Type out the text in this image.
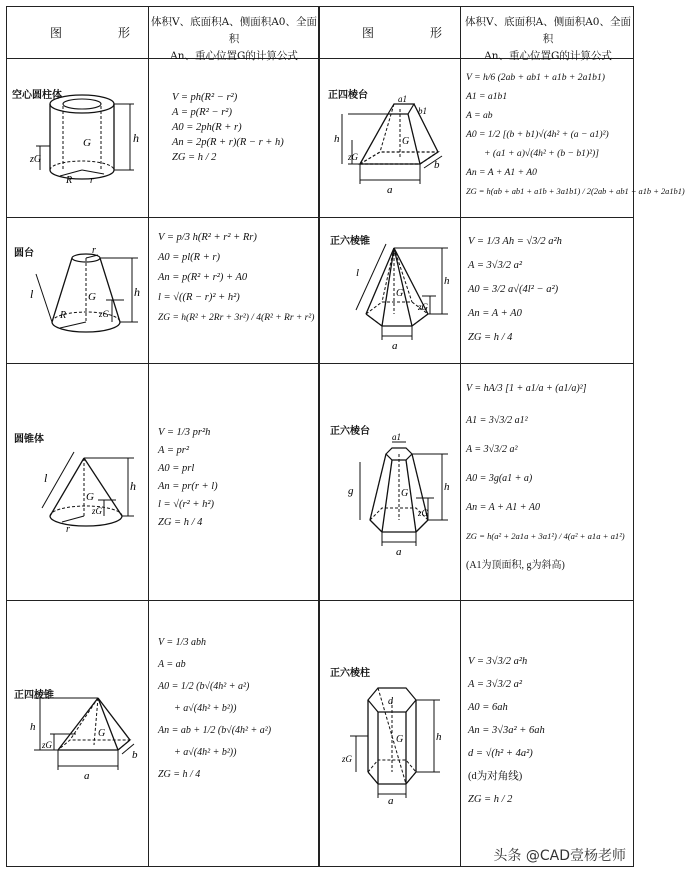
图　形
体积V、底面积A、侧面积A0、全面积
An、重心位置G的计算公式
图　形
体积V、底面积A、侧面积A0、全面积
An、重心位置G的计算公式
空心圆柱体
h
G
zG
R r
V = ph(R² − r²)
A = p(R² − r²)
A0 = 2ph(R + r)
An = 2p(R + r)(R − r + h)
ZG = h / 2
正四棱台
h
zG
G
a
b
a1
b1
V = h/6 (2ab + ab1 + a1b + 2a1b1)
A1 = a1b1
A = ab
A0 = 1/2 [(b + b1)√(4h² + (a − a1)²)
+ (a1 + a)√(4h² + (b − b1)²)]
An = A + A1 + A0
ZG = h(ab + ab1 + a1b + 3a1b1) / 2(2ab + ab1 + a1b + 2a1b1)
圆台
h
zG
G
l
r
R
V = p/3 h(R² + r² + Rr)
A0 = pl(R + r)
An = p(R² + r²) + A0
l = √((R − r)² + h²)
ZG = h(R² + 2Rr + 3r²) / 4(R² + Rr + r²)
正六棱锥
h
zG
G
a
l
V = 1/3 Ah = √3/2 a²h
A = 3√3/2 a²
A0 = 3/2 a√(4l² − a²)
An = A + A0
ZG = h / 4
圆锥体
h
zG
G
l
r
V = 1/3 pr²h
A = pr²
A0 = prl
An = pr(r + l)
l = √(r² + h²)
ZG = h / 4
正六棱台
h
zG
G
a
a1
g
V = hA/3 [1 + a1/a + (a1/a)²]
A1 = 3√3/2 a1²
A = 3√3/2 a²
A0 = 3g(a1 + a)
An = A + A1 + A0
ZG = h(a² + 2a1a + 3a1²) / 4(a² + a1a + a1²)
(A1为顶面积, g为斜高)
正四棱锥
h
zG
G
a
b
V = 1/3 abh
A = ab
A0 = 1/2 (b√(4h² + a²)
+ a√(4h² + b²))
An = ab + 1/2 (b√(4h² + a²)
+ a√(4h² + b²))
ZG = h / 4
正六棱柱
h
zG
G
a
d
V = 3√3/2 a²h
A = 3√3/2 a²
A0 = 6ah
An = 3√3a² + 6ah
d = √(h² + 4a²)
(d为对角线)
ZG = h / 2
头条 @CAD壹杨老师
